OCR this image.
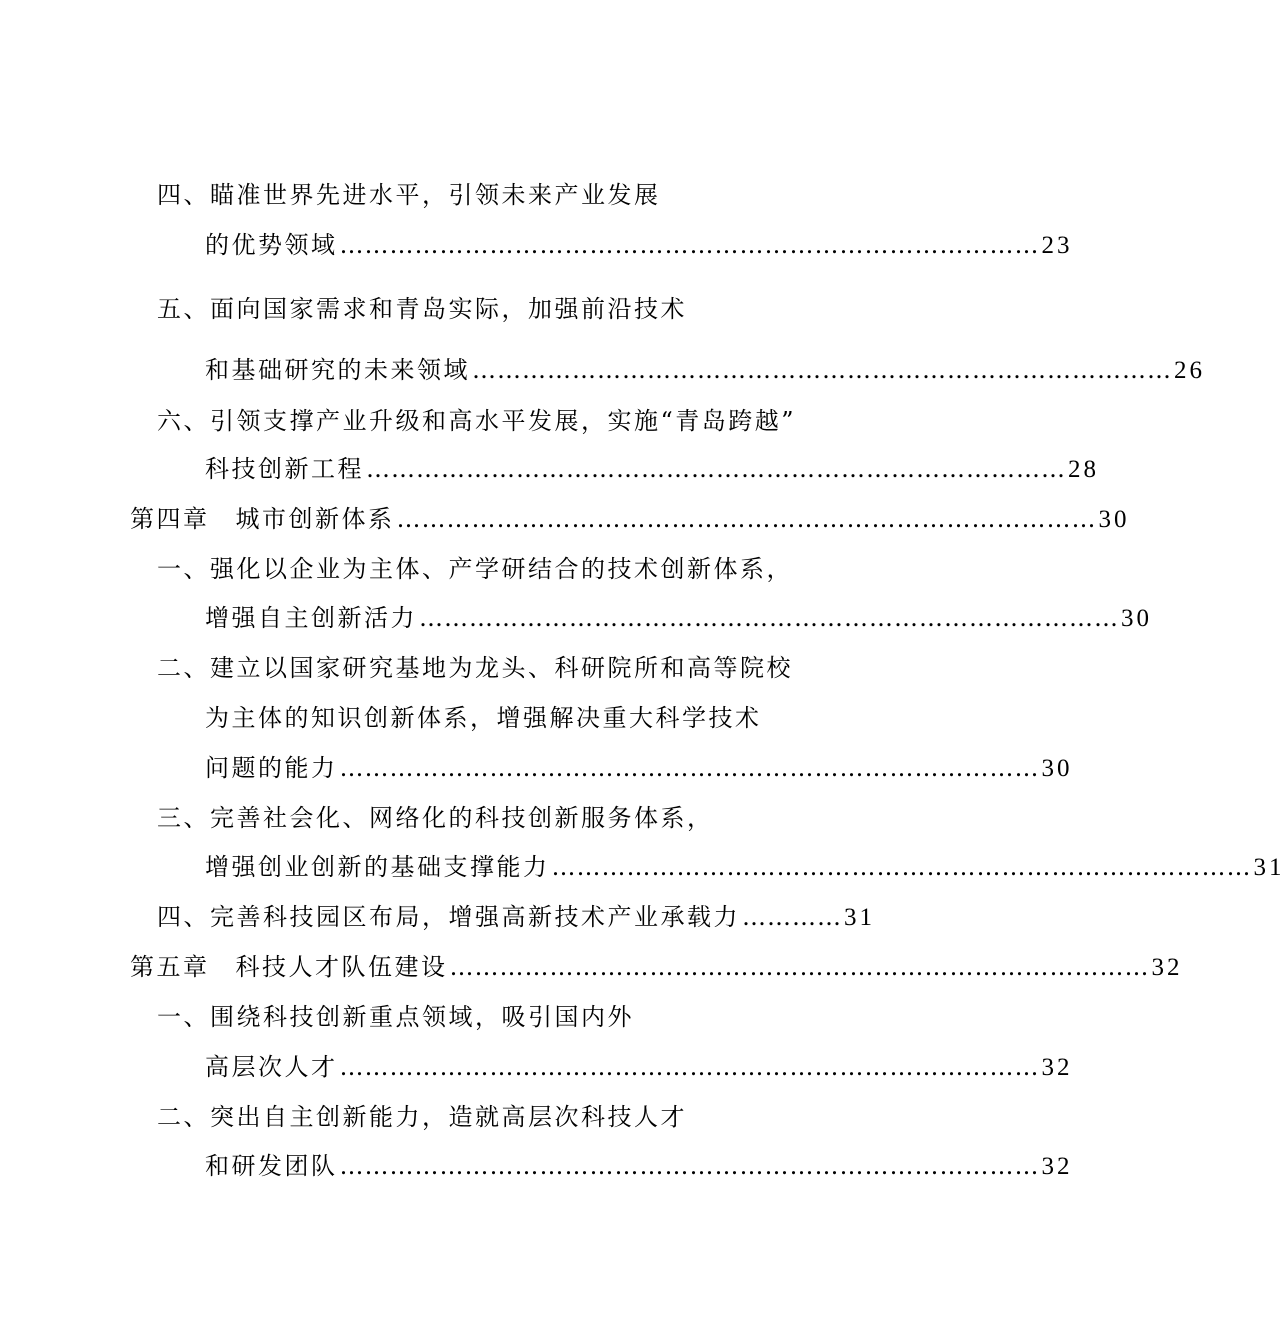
四、瞄准世界先进水平，引领未来产业发展
的优势领域 ………………………………………………………………………… 23
五、面向国家需求和青岛实际，加强前沿技术
和基础研究的未来领域 ………………………………………………………………………… 26
六、引领支撑产业升级和高水平发展，实施“青岛跨越”
科技创新工程 ………………………………………………………………………… 28
第四章 城市创新体系 ………………………………………………………………………… 30
一、强化以企业为主体、产学研结合的技术创新体系，
增强自主创新活力 ………………………………………………………………………… 30
二、建立以国家研究基地为龙头、科研院所和高等院校
为主体的知识创新体系，增强解决重大科学技术
问题的能力 ………………………………………………………………………… 30
三、完善社会化、网络化的科技创新服务体系，
增强创业创新的基础支撑能力 ………………………………………………………………………… 31
四、完善科技园区布局，增强高新技术产业承载力 ………… 31
第五章 科技人才队伍建设 ………………………………………………………………………… 32
一、围绕科技创新重点领域，吸引国内外
高层次人才 ………………………………………………………………………… 32
二、突出自主创新能力，造就高层次科技人才
和研发团队 ………………………………………………………………………… 32
